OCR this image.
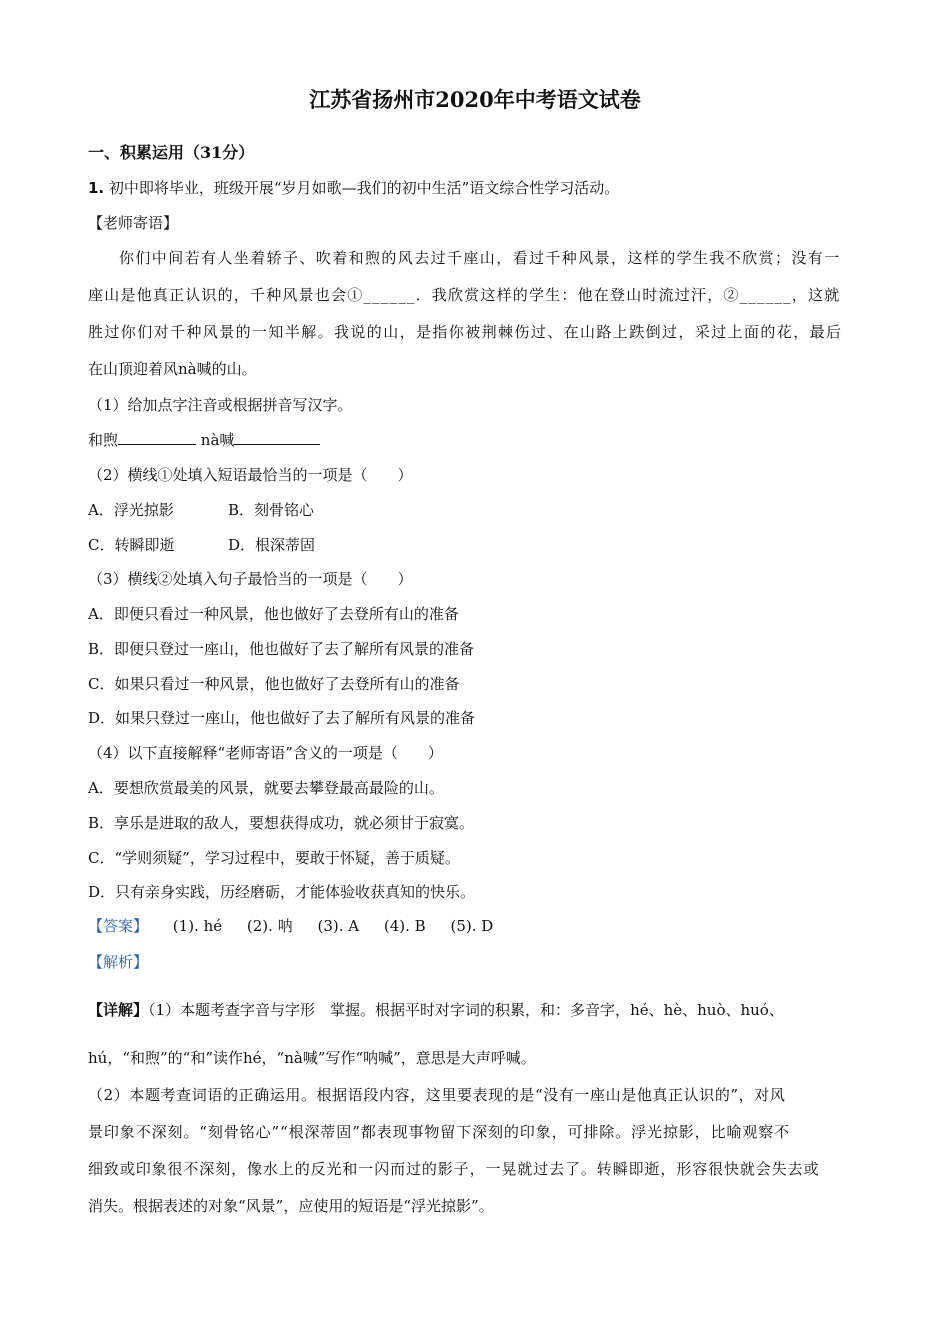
江苏省扬州市2020年中考语文试卷
一、积累运用（31分）
1. 初中即将毕业，班级开展“岁月如歌—我们的初中生活”语文综合性学习活动。
【老师寄语】
你们中间若有人坐着轿子、吹着和煦的风去过千座山，看过千种风景，这样的学生我不欣赏；没有一
座山是他真正认识的，千种风景也会①______．我欣赏这样的学生：他在登山时流过汗，②______，这就
胜过你们对千种风景的一知半解。我说的山，是指你被荆棘伤过、在山路上跌倒过，采过上面的花，最后
在山顶迎着风nà喊的山。
（1）给加点字注音或根据拼音写汉字。
和煦	nà喊
（2）横线①处填入短语最恰当的一项是（　　）
A．浮光掠影	B．刻骨铭心
C．转瞬即逝	D．根深蒂固
（3）横线②处填入句子最恰当的一项是（　　）
A．即便只看过一种风景，他也做好了去登所有山的准备
B．即便只登过一座山，他也做好了去了解所有风景的准备
C．如果只看过一种风景，他也做好了去登所有山的准备
D．如果只登过一座山，他也做好了去了解所有风景的准备
（4）以下直接解释“老师寄语”含义的一项是（　　）
A．要想欣赏最美的风景，就要去攀登最高最险的山。
B．享乐是进取的敌人，要想获得成功，就必须甘于寂寞。
C．“学则须疑”，学习过程中，要敢于怀疑，善于质疑。
D．只有亲身实践，历经磨砺，才能体验收获真知的快乐。
【答案】 (1). hé (2). 呐 (3). A (4). B (5). D
【解析】
【详解】（1）本题考查字音与字形　掌握。根据平时对字词的积累，和：多音字，hé、hè、huò、huó、
hú，“和煦”的“和”读作hé，“nà喊”写作“呐喊”，意思是大声呼喊。
（2）本题考查词语的正确运用。根据语段内容，这里要表现的是“没有一座山是他真正认识的”，对风
景印象不深刻。“刻骨铭心”“根深蒂固”都表现事物留下深刻的印象，可排除。浮光掠影，比喻观察不
细致或印象很不深刻，像水上的反光和一闪而过的影子，一晃就过去了。转瞬即逝，形容很快就会失去或
消失。根据表述的对象“风景”，应使用的短语是“浮光掠影”。
